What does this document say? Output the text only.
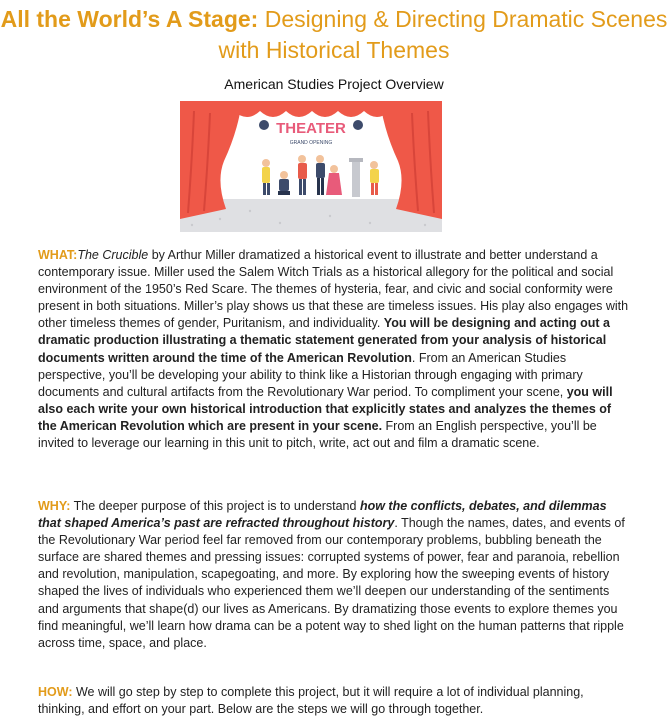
All the World’s A Stage: Designing & Directing Dramatic Scenes with Historical Themes
American Studies Project Overview
THEATER
GRAND OPENING
WHAT:The Crucible by Arthur Miller dramatized a historical event to illustrate and better understand a contemporary issue. Miller used the Salem Witch Trials as a historical allegory for the political and social environment of the 1950’s Red Scare. The themes of hysteria, fear, and civic and social conformity were present in both situations. Miller’s play shows us that these are timeless issues. His play also engages with other timeless themes of gender, Puritanism, and individuality. You will be designing and acting out a dramatic production illustrating a thematic statement generated from your analysis of historical documents written around the time of the American Revolution. From an American Studies perspective, you’ll be developing your ability to think like a Historian through engaging with primary documents and cultural artifacts from the Revolutionary War period. To compliment your scene, you will also each write your own historical introduction that explicitly states and analyzes the themes of the American Revolution which are present in your scene. From an English perspective, you’ll be invited to leverage our learning in this unit to pitch, write, act out and film a dramatic scene.
WHY: The deeper purpose of this project is to understand how the conflicts, debates, and dilemmas that shaped America’s past are refracted throughout history. Though the names, dates, and events of the Revolutionary War period feel far removed from our contemporary problems, bubbling beneath the surface are shared themes and pressing issues: corrupted systems of power, fear and paranoia, rebellion and revolution, manipulation, scapegoating, and more. By exploring how the sweeping events of history shaped the lives of individuals who experienced them we’ll deepen our understanding of the sentiments and arguments that shape(d) our lives as Americans. By dramatizing those events to explore themes you find meaningful, we’ll learn how drama can be a potent way to shed light on the human patterns that ripple across time, space, and place.
HOW: We will go step by step to complete this project, but it will require a lot of individual planning, thinking, and effort on your part. Below are the steps we will go through together.
